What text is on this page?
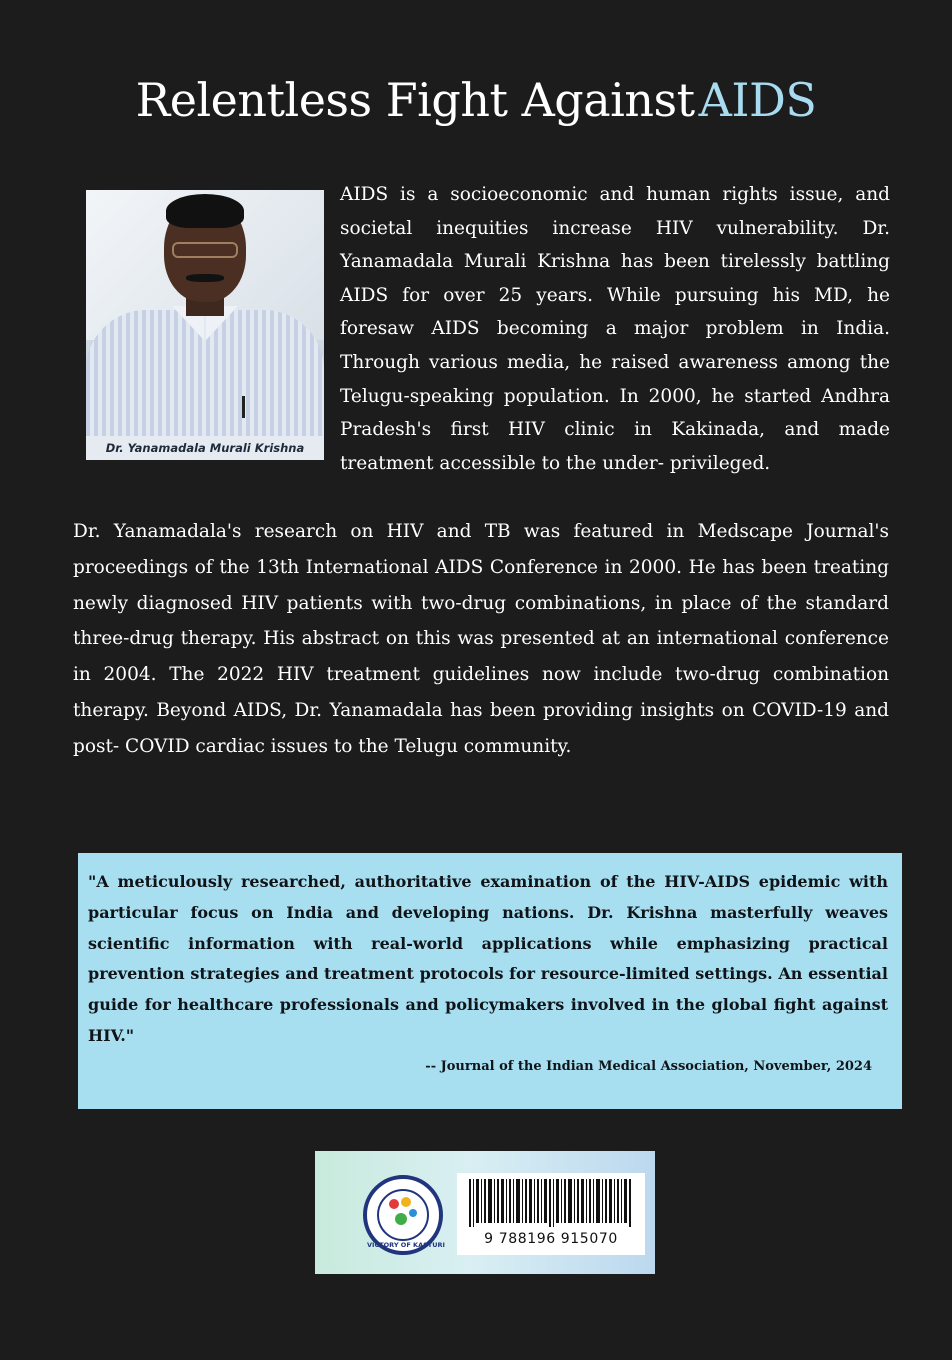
Relentless Fight AgainstAIDS
Dr. Yanamadala Murali Krishna

AIDS is a socioeconomic and human rights issue, and societal inequities increase HIV vulnerability. Dr. Yanamadala Murali Krishna has been tirelessly battling AIDS for over 25 years. While pursuing his MD, he foresaw AIDS becoming a major problem in India. Through various media, he raised awareness among the Telugu-speaking population. In 2000, he started Andhra Pradesh's first HIV clinic in Kakinada, and made treatment accessible to the under- privileged.

Dr. Yanamadala's research on HIV and TB was featured in Medscape Journal's proceedings of the 13th International AIDS Conference in 2000. He has been treating newly diagnosed HIV patients with two-drug combinations, in place of the standard three-drug therapy. His abstract on this was presented at an international conference in 2004. The 2022 HIV treatment guidelines now include two-drug combination therapy. Beyond AIDS, Dr. Yanamadala has been providing insights on COVID-19 and post- COVID cardiac issues to the Telugu community.

"A meticulously researched, authoritative examination of the HIV-AIDS epidemic with particular focus on India and developing nations. Dr. Krishna masterfully weaves scientific information with real-world applications while emphasizing practical prevention strategies and treatment protocols for resource-limited settings. An essential guide for healthcare professionals and policymakers involved in the global fight against HIV."

-- Journal of the Indian Medical Association, November, 2024
VICTORY OF KASTURI	9 788196 915070
